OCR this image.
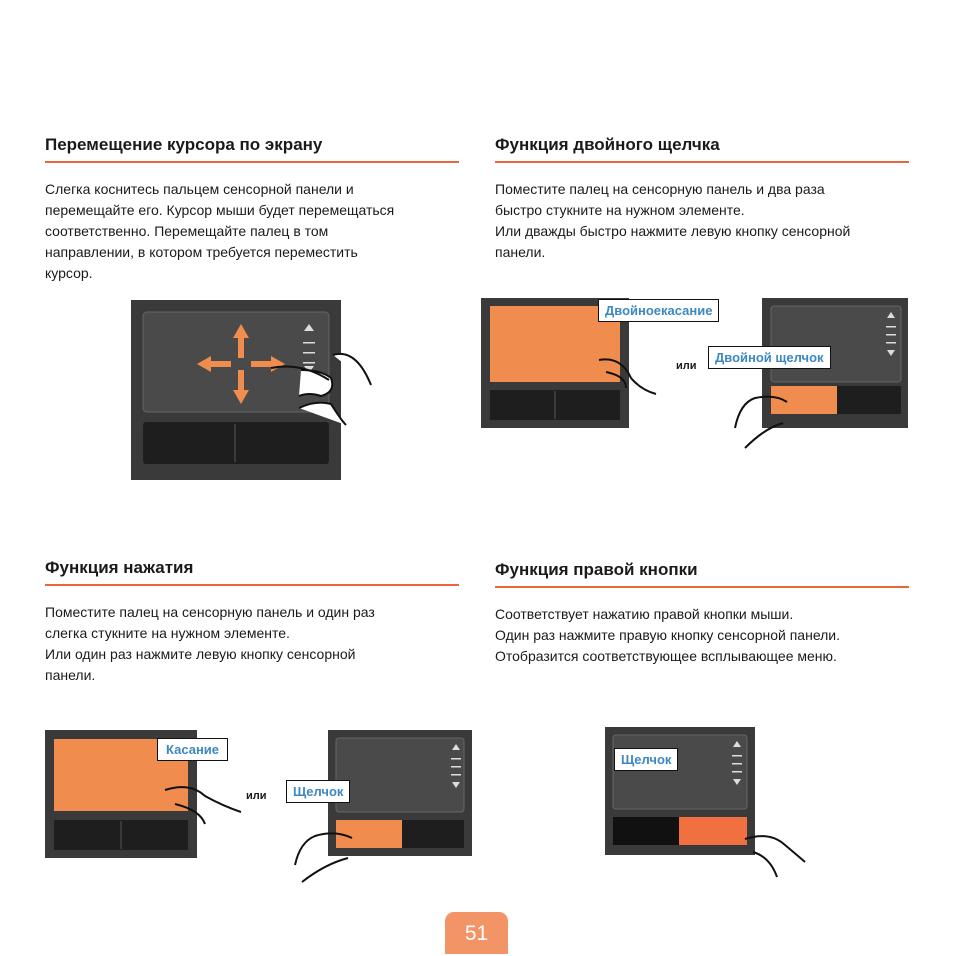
Перемещение курсора по экрану

Слегка коснитесь пальцем сенсорной панели и
перемещайте его. Курсор мыши будет перемещаться
соответственно. Перемещайте палец в том
направлении, в котором требуется переместить
курсор.

Функция двойного щелчка

Поместите палец на сенсорную панель и два раза
быстро стукните на нужном элементе.
Или дважды быстро нажмите левую кнопку сенсорной
панели.

Функция нажатия

Поместите палец на сенсорную панель и один раз
слегка стукните на нужном элементе.
Или один раз нажмите левую кнопку сенсорной
панели.

Функция правой кнопки

Соответствует нажатию правой кнопки мыши.
Один раз нажмите правую кнопку сенсорной панели.
Отобразится соответствующее всплывающее меню.

Двойноекасание
или
Двойной щелчок
Касание
или	Щелчок
Щелчок
51
